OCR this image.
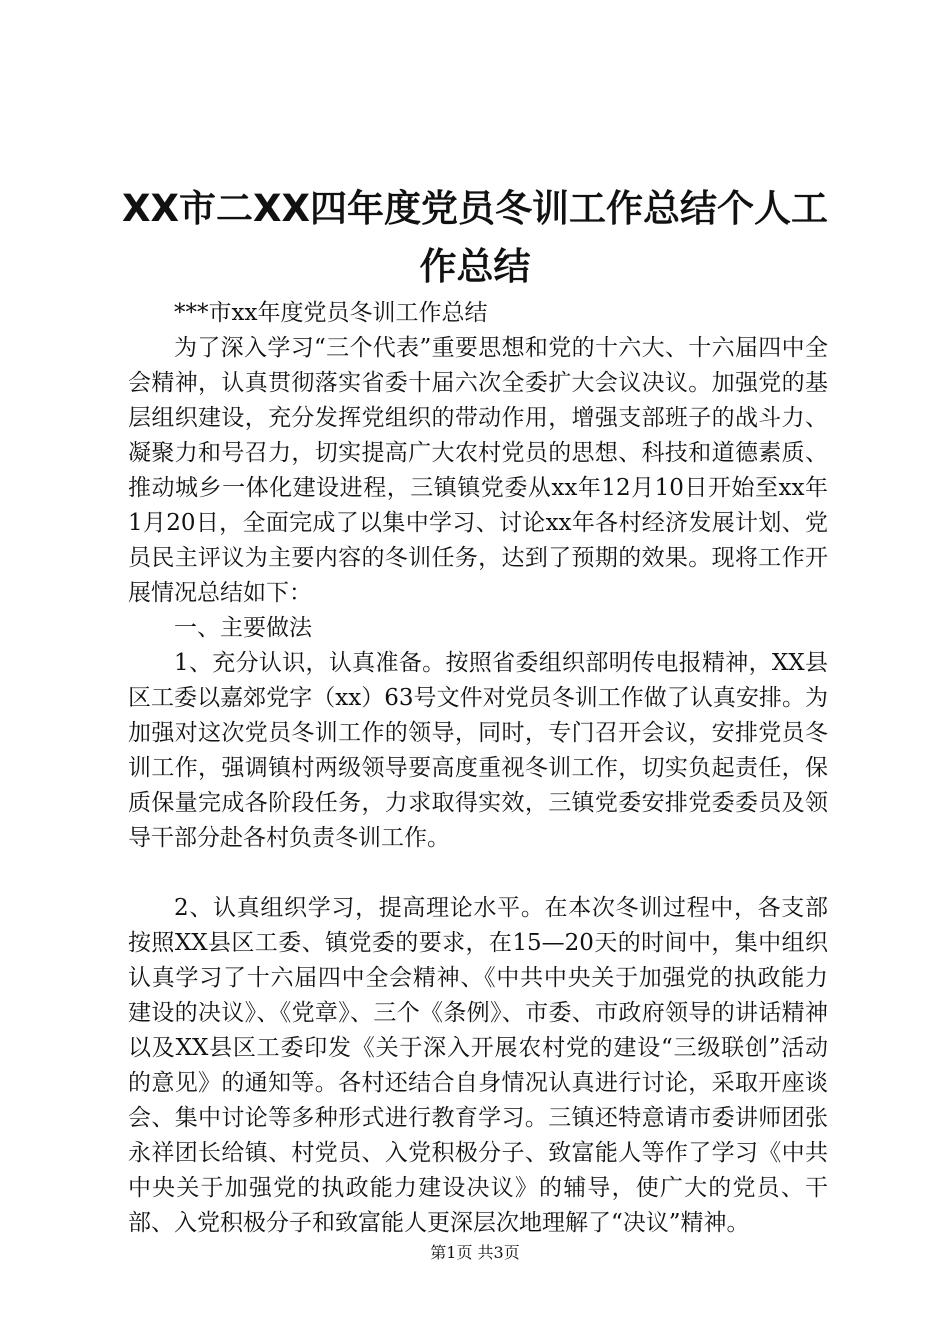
XX市二XX四年度党员冬训工作总结个人工作总结

***市xx年度党员冬训工作总结

为了深入学习“三个代表”重要思想和党的十六大、十六届四中全会精神，认真贯彻落实省委十届六次全委扩大会议决议。加强党的基层组织建设，充分发挥党组织的带动作用，增强支部班子的战斗力、凝聚力和号召力，切实提高广大农村党员的思想、科技和道德素质、推动城乡一体化建设进程，三镇镇党委从xx年12月10日开始至xx年1月20日，全面完成了以集中学习、讨论xx年各村经济发展计划、党员民主评议为主要内容的冬训任务，达到了预期的效果。现将工作开展情况总结如下：

一、主要做法

1、充分认识，认真准备。按照省委组织部明传电报精神，XX县区工委以嘉郊党字（xx）63号文件对党员冬训工作做了认真安排。为加强对这次党员冬训工作的领导，同时，专门召开会议，安排党员冬训工作，强调镇村两级领导要高度重视冬训工作，切实负起责任，保质保量完成各阶段任务，力求取得实效，三镇党委安排党委委员及领导干部分赴各村负责冬训工作。

2、认真组织学习，提高理论水平。在本次冬训过程中，各支部按照XX县区工委、镇党委的要求，在15—20天的时间中，集中组织认真学习了十六届四中全会精神、《中共中央关于加强党的执政能力建设的决议》、《党章》、三个《条例》、市委、市政府领导的讲话精神以及XX县区工委印发《关于深入开展农村党的建设“三级联创”活动的意见》的通知等。各村还结合自身情况认真进行讨论，采取开座谈会、集中讨论等多种形式进行教育学习。三镇还特意请市委讲师团张永祥团长给镇、村党员、入党积极分子、致富能人等作了学习《中共中央关于加强党的执政能力建设决议》的辅导，使广大的党员、干部、入党积极分子和致富能人更深层次地理解了“决议”精神。

第1页 共3页
